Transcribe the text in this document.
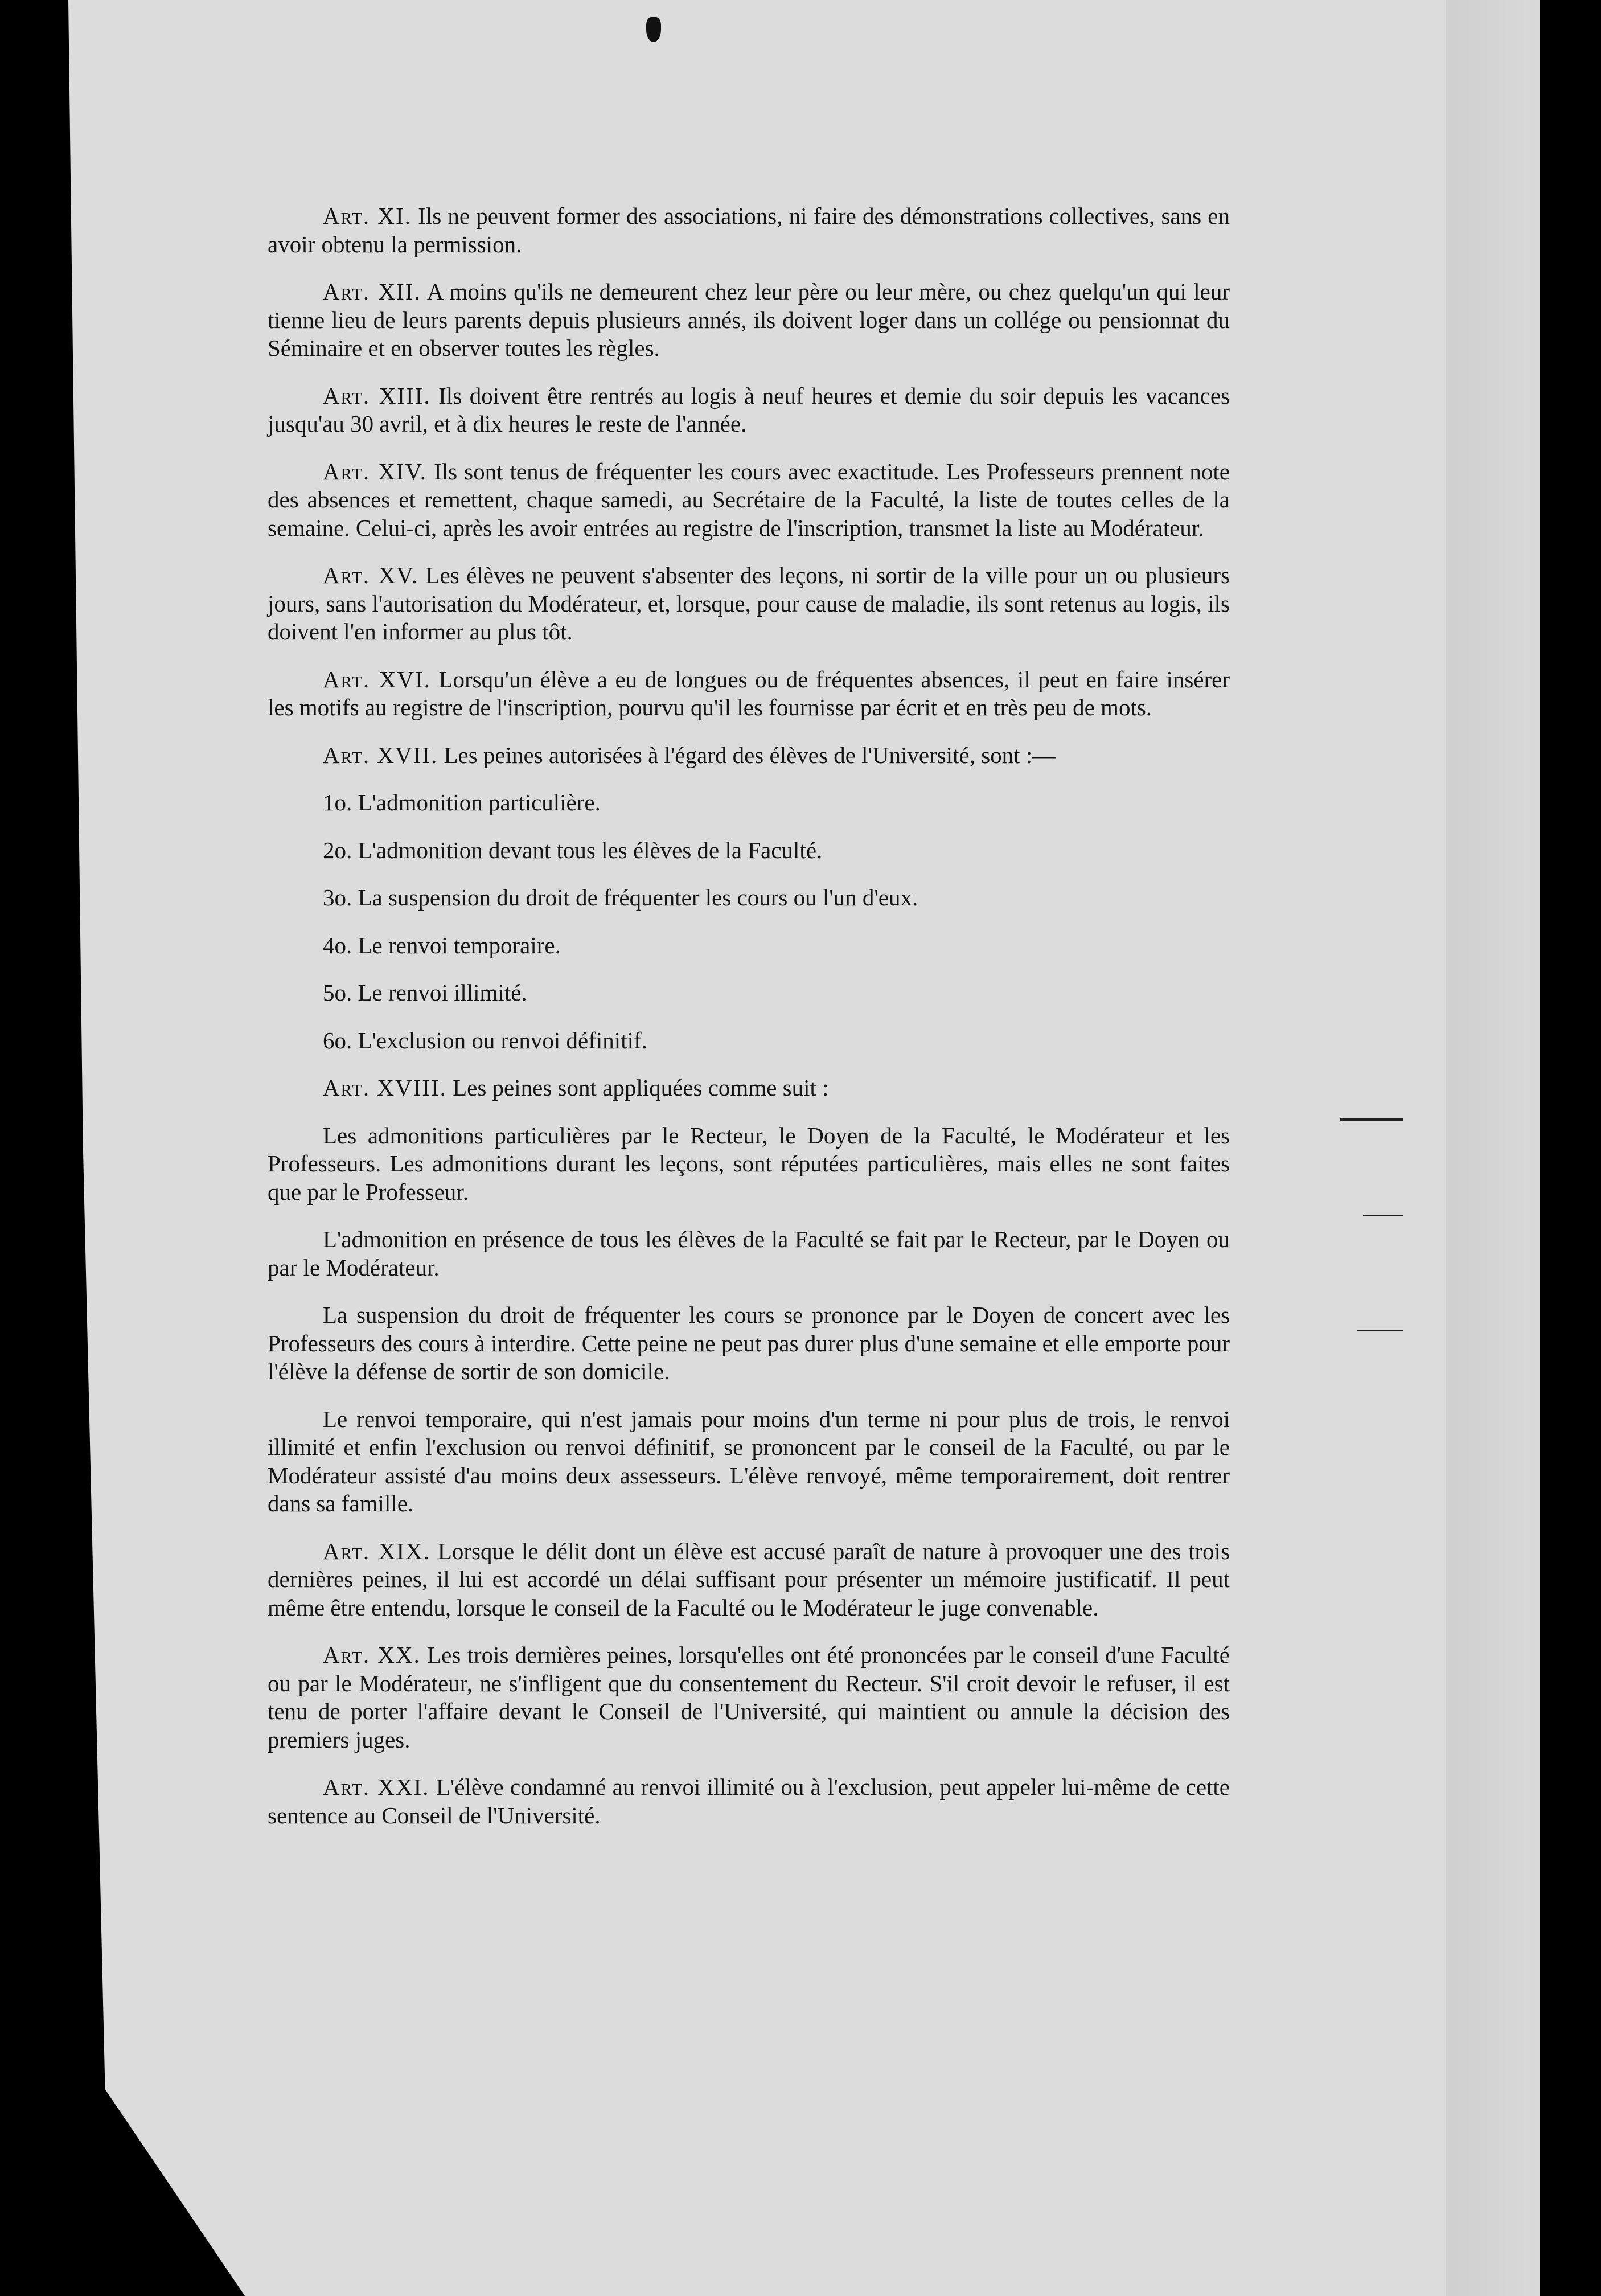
Art. XI. Ils ne peuvent former des associations, ni faire des démonstrations collectives, sans en avoir obtenu la permission.

Art. XII. A moins qu'ils ne demeurent chez leur père ou leur mère, ou chez quelqu'un qui leur tienne lieu de leurs parents depuis plusieurs annés, ils doivent loger dans un collége ou pensionnat du Séminaire et en observer toutes les règles.

Art. XIII. Ils doivent être rentrés au logis à neuf heures et demie du soir depuis les vacances jusqu'au 30 avril, et à dix heures le reste de l'année.

Art. XIV. Ils sont tenus de fréquenter les cours avec exactitude. Les Professeurs prennent note des absences et remettent, chaque samedi, au Secrétaire de la Faculté, la liste de toutes celles de la semaine. Celui-ci, après les avoir entrées au registre de l'inscription, transmet la liste au Modérateur.

Art. XV. Les élèves ne peuvent s'absenter des leçons, ni sortir de la ville pour un ou plusieurs jours, sans l'autorisation du Modérateur, et, lorsque, pour cause de maladie, ils sont retenus au logis, ils doivent l'en informer au plus tôt.

Art. XVI. Lorsqu'un élève a eu de longues ou de fréquentes absences, il peut en faire insérer les motifs au registre de l'inscription, pourvu qu'il les fournisse par écrit et en très peu de mots.

Art. XVII. Les peines autorisées à l'égard des élèves de l'Université, sont :—

1o. L'admonition particulière.

2o. L'admonition devant tous les élèves de la Faculté.

3o. La suspension du droit de fréquenter les cours ou l'un d'eux.

4o. Le renvoi temporaire.

5o. Le renvoi illimité.

6o. L'exclusion ou renvoi définitif.

Art. XVIII. Les peines sont appliquées comme suit :

Les admonitions particulières par le Recteur, le Doyen de la Faculté, le Modérateur et les Professeurs. Les admonitions durant les leçons, sont réputées particulières, mais elles ne sont faites que par le Professeur.

L'admonition en présence de tous les élèves de la Faculté se fait par le Recteur, par le Doyen ou par le Modérateur.

La suspension du droit de fréquenter les cours se prononce par le Doyen de concert avec les Professeurs des cours à interdire. Cette peine ne peut pas durer plus d'une semaine et elle emporte pour l'élève la défense de sortir de son domicile.

Le renvoi temporaire, qui n'est jamais pour moins d'un terme ni pour plus de trois, le renvoi illimité et enfin l'exclusion ou renvoi définitif, se prononcent par le conseil de la Faculté, ou par le Modérateur assisté d'au moins deux assesseurs. L'élève renvoyé, même temporairement, doit rentrer dans sa famille.

Art. XIX. Lorsque le délit dont un élève est accusé paraît de nature à provoquer une des trois dernières peines, il lui est accordé un délai suffisant pour présenter un mémoire justificatif. Il peut même être entendu, lorsque le conseil de la Faculté ou le Modérateur le juge convenable.

Art. XX. Les trois dernières peines, lorsqu'elles ont été prononcées par le conseil d'une Faculté ou par le Modérateur, ne s'infligent que du consentement du Recteur. S'il croit devoir le refuser, il est tenu de porter l'affaire devant le Conseil de l'Université, qui maintient ou annule la décision des premiers juges.

Art. XXI. L'élève condamné au renvoi illimité ou à l'exclusion, peut appeler lui-même de cette sentence au Conseil de l'Université.
